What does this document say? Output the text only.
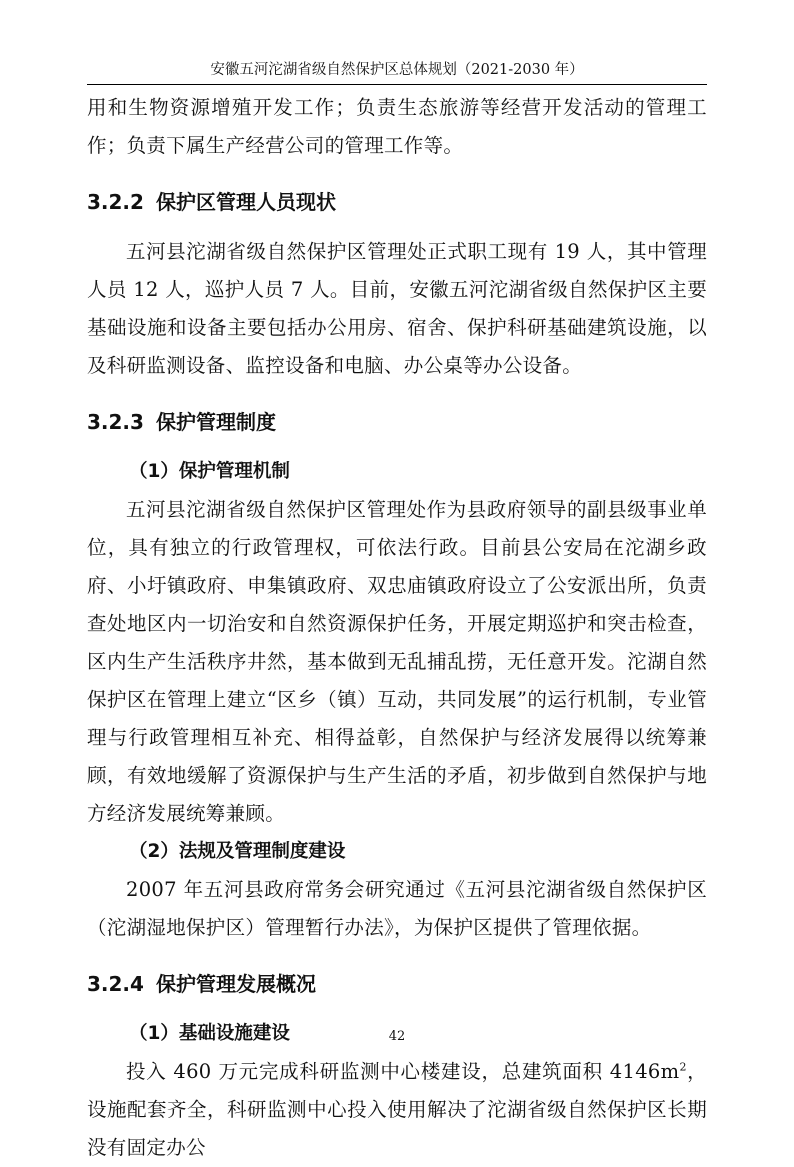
安徽五河沱湖省级自然保护区总体规划（2021-2030 年）

用和生物资源增殖开发工作；负责生态旅游等经营开发活动的管理工作；负责下属生产经营公司的管理工作等。

3.2.2 保护区管理人员现状

五河县沱湖省级自然保护区管理处正式职工现有 19 人，其中管理人员 12 人，巡护人员 7 人。目前，安徽五河沱湖省级自然保护区主要基础设施和设备主要包括办公用房、宿舍、保护科研基础建筑设施，以及科研监测设备、监控设备和电脑、办公桌等办公设备。

3.2.3 保护管理制度

（1）保护管理机制

五河县沱湖省级自然保护区管理处作为县政府领导的副县级事业单位，具有独立的行政管理权，可依法行政。目前县公安局在沱湖乡政府、小圩镇政府、申集镇政府、双忠庙镇政府设立了公安派出所，负责查处地区内一切治安和自然资源保护任务，开展定期巡护和突击检查，区内生产生活秩序井然，基本做到无乱捕乱捞，无任意开发。沱湖自然保护区在管理上建立“区乡（镇）互动，共同发展”的运行机制，专业管理与行政管理相互补充、相得益彰，自然保护与经济发展得以统筹兼顾，有效地缓解了资源保护与生产生活的矛盾，初步做到自然保护与地方经济发展统筹兼顾。

（2）法规及管理制度建设

2007 年五河县政府常务会研究通过《五河县沱湖省级自然保护区（沱湖湿地保护区）管理暂行办法》，为保护区提供了管理依据。

3.2.4 保护管理发展概况

（1）基础设施建设

投入 460 万元完成科研监测中心楼建设，总建筑面积 $4146m^2$，设施配套齐全，科研监测中心投入使用解决了沱湖省级自然保护区长期没有固定办公

42
